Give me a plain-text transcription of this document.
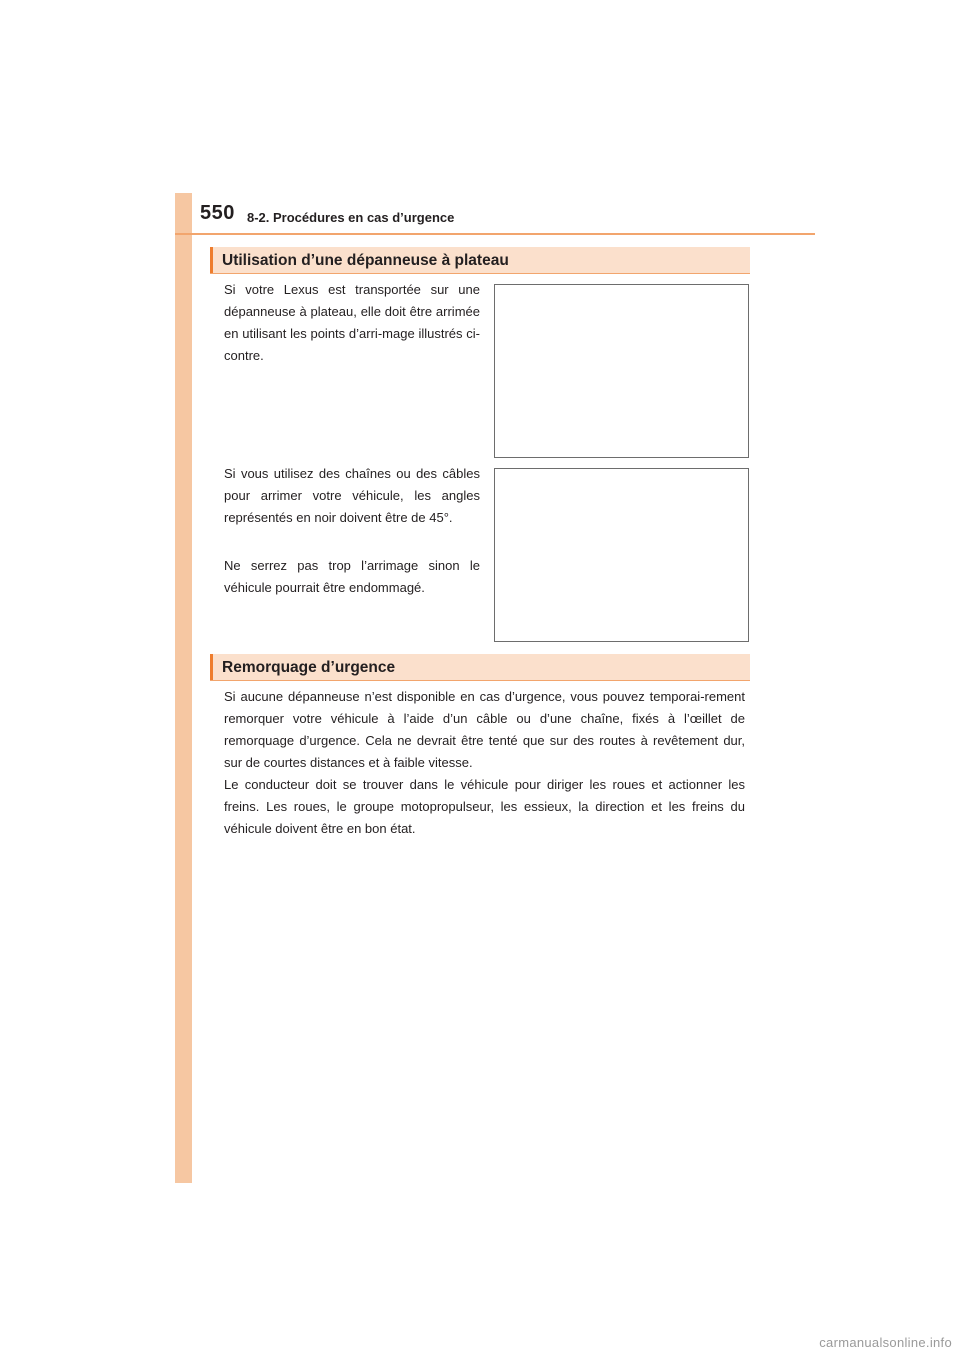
550 8-2. Procédures en cas d’urgence
Utilisation d’une dépanneuse à plateau

Si votre Lexus est transportée sur une dépanneuse à plateau, elle doit être arrimée en utilisant les points d’arri-mage illustrés ci-contre.

Si vous utilisez des chaînes ou des câbles pour arrimer votre véhicule, les angles représentés en noir doivent être de 45°.

Ne serrez pas trop l’arrimage sinon le véhicule pourrait être endommagé.

Remorquage d’urgence

Si aucune dépanneuse n’est disponible en cas d’urgence, vous pouvez temporai-rement remorquer votre véhicule à l’aide d’un câble ou d’une chaîne, fixés à l’œillet de remorquage d’urgence. Cela ne devrait être tenté que sur des routes à revêtement dur, sur de courtes distances et à faible vitesse.

Le conducteur doit se trouver dans le véhicule pour diriger les roues et actionner les freins. Les roues, le groupe motopropulseur, les essieux, la direction et les freins du véhicule doivent être en bon état.

carmanualsonline.info
